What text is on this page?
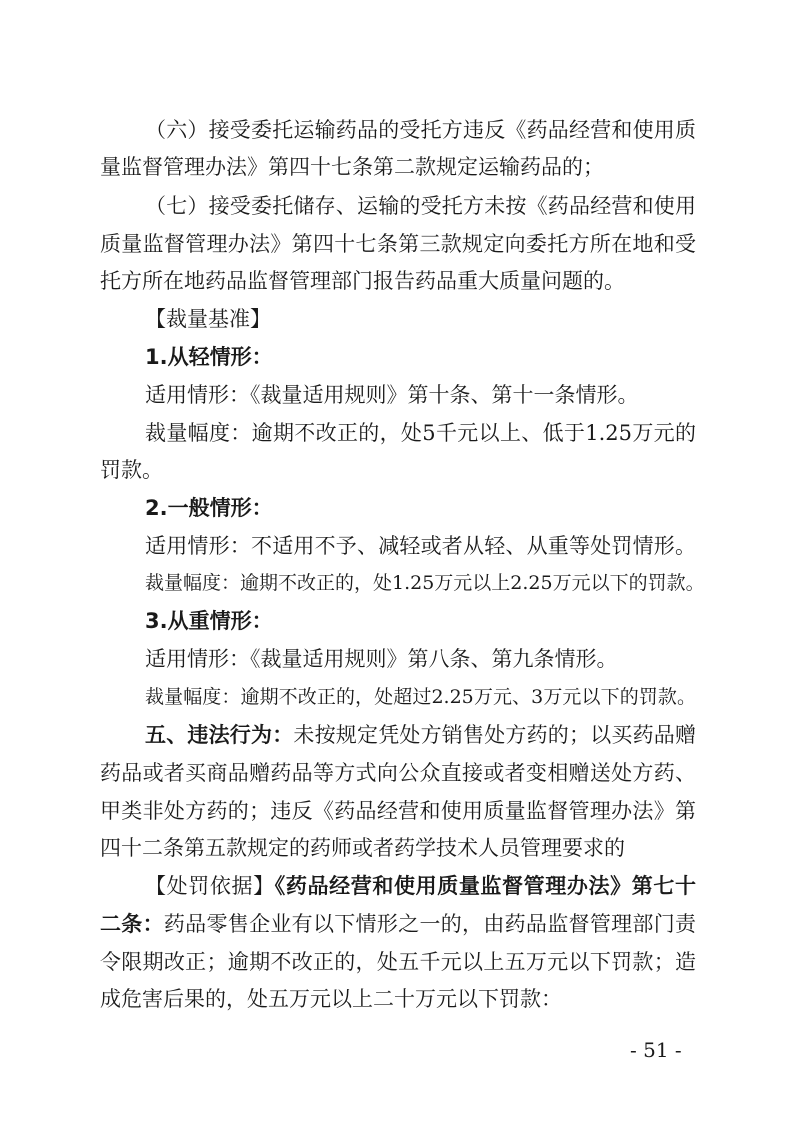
（六）接受委托运输药品的受托方违反《药品经营和使用质
量监督管理办法》第四十七条第二款规定运输药品的；
（七）接受委托储存、运输的受托方未按《药品经营和使用
质量监督管理办法》第四十七条第三款规定向委托方所在地和受
托方所在地药品监督管理部门报告药品重大质量问题的。
【裁量基准】
1.从轻情形：
适用情形：《裁量适用规则》第十条、第十一条情形。
裁量幅度：逾期不改正的，处5千元以上、低于1.25万元的
罚款。
2.一般情形：
适用情形：不适用不予、减轻或者从轻、从重等处罚情形。
裁量幅度：逾期不改正的，处1.25万元以上2.25万元以下的罚款。
3.从重情形：
适用情形：《裁量适用规则》第八条、第九条情形。
裁量幅度：逾期不改正的，处超过2.25万元、3万元以下的罚款。
五、违法行为：未按规定凭处方销售处方药的；以买药品赠
药品或者买商品赠药品等方式向公众直接或者变相赠送处方药、
甲类非处方药的；违反《药品经营和使用质量监督管理办法》第
四十二条第五款规定的药师或者药学技术人员管理要求的
【处罚依据】《药品经营和使用质量监督管理办法》第七十
二条：药品零售企业有以下情形之一的，由药品监督管理部门责
令限期改正；逾期不改正的，处五千元以上五万元以下罚款；造
成危害后果的，处五万元以上二十万元以下罚款：
- 51 -
